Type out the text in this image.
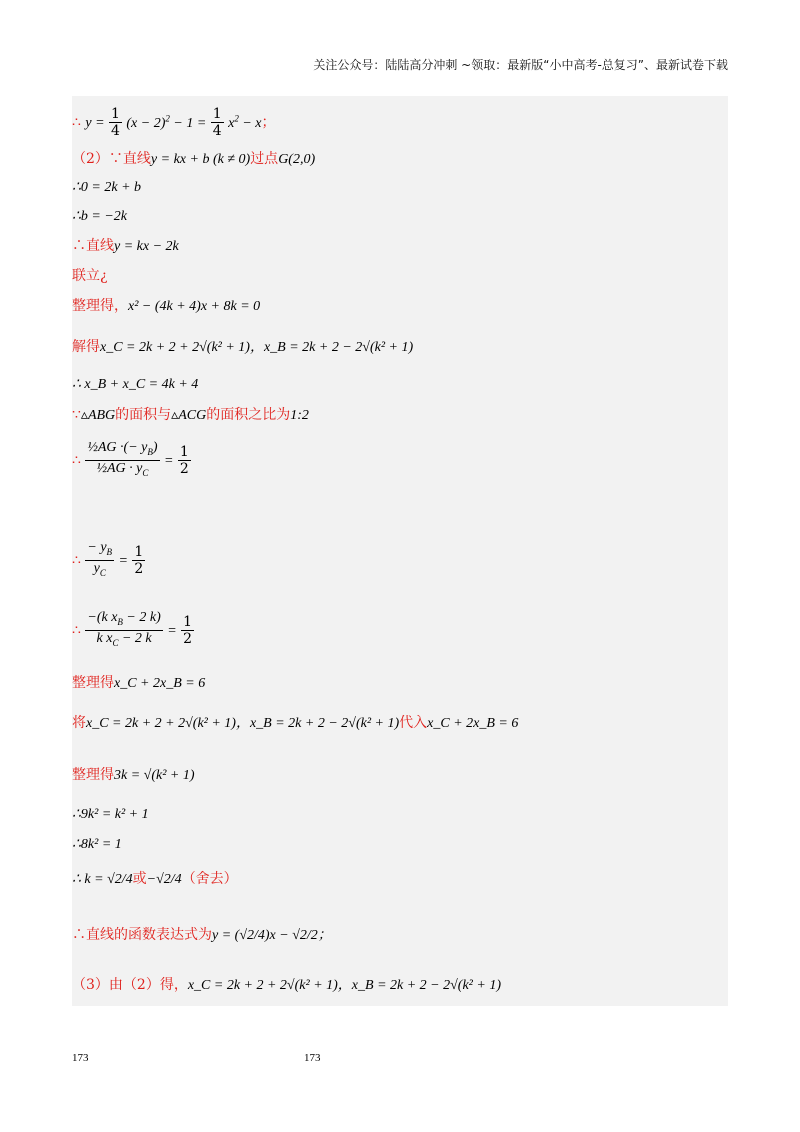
关注公众号：陆陆高分冲刺 ~领取：最新版“小中高考-总复习”、最新试卷下载
∴ $y = \frac{1}{4} (x - 2)^2 - 1 = \frac{1}{4} x^2 - x$；
（2）∵直线y = kx + b (k ≠ 0)过点G(2,0)
∴0 = 2k + b
∴b = −2k
∴直线y = kx − 2k
联立¿
整理得，x² − (4k + 4)x + 8k = 0
解得x_C = 2k + 2 + 2√(k² + 1)，x_B = 2k + 2 − 2√(k² + 1)
∴ x_B + x_C = 4k + 4
∵▵ABG的面积与▵ACG的面积之比为1:2
∴ $\frac{\frac{1}{2}AG \cdot(- y_B)}{\frac{1}{2}AG \cdot y_C} = \frac{1}{2}$
∴ $\frac{- y_B}{y_C} = \frac{1}{2}$
∴ $\frac{-(k x_B - 2 k)}{k x_C - 2 k} = \frac{1}{2}$
整理得x_C + 2x_B = 6
将x_C = 2k + 2 + 2√(k² + 1)，x_B = 2k + 2 − 2√(k² + 1)代入x_C + 2x_B = 6
整理得3k = √(k² + 1)
∴9k² = k² + 1
∴8k² = 1
∴ k = √2/4或−√2/4（舍去）
∴直线的函数表达式为y = (√2/4)x − √2/2；
（3）由（2）得，x_C = 2k + 2 + 2√(k² + 1)，x_B = 2k + 2 − 2√(k² + 1)
173	173
